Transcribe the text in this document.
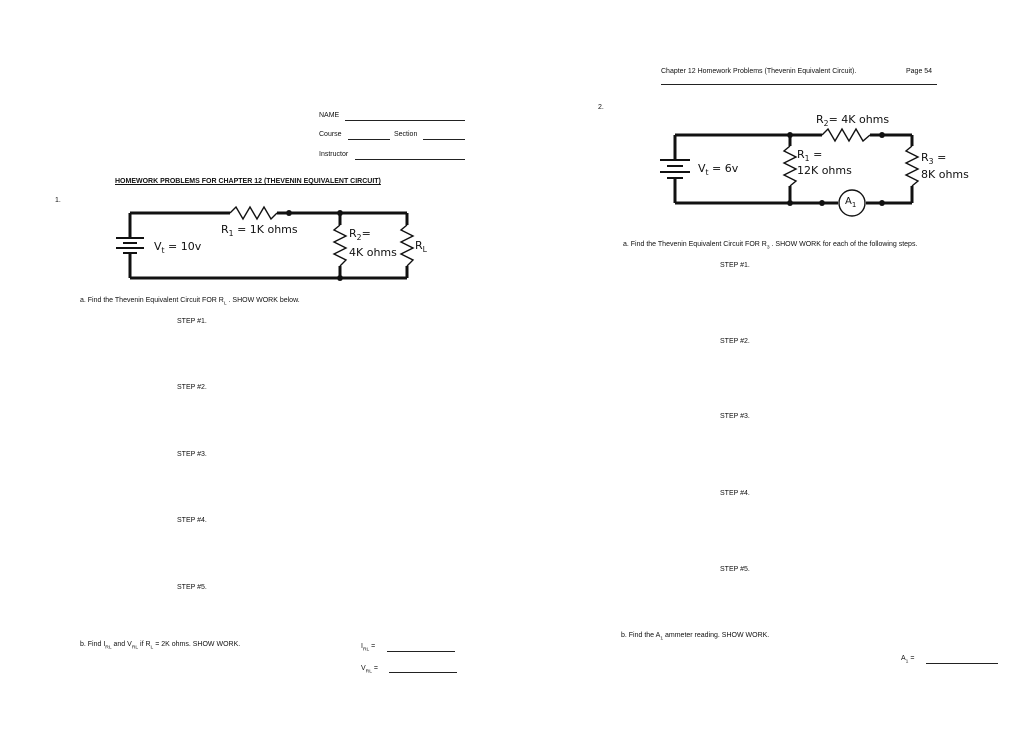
NAME
Course	Section
Instructor
HOMEWORK PROBLEMS FOR CHAPTER 12 (THEVENIN EQUIVALENT CIRCUIT)
1.
$V_t = 10v$
$R_1 = 1K$ ohms	$R_2=$
4K ohms
$R_L$
a. Find the Thevenin Equivalent Circuit FOR $R_L$ . SHOW WORK below.
STEP #1.
STEP #2.
STEP #3.
STEP #4.
STEP #5.
b. Find $I_{RL}$ and $V_{RL}$ if $R_L = 2K$ ohms. SHOW WORK.	$I_{RL}$ =
$V_{RL}$ =
Chapter 12 Homework Problems (Thevenin Equivalent Circuit).	Page 54
2.
$V_t = 6v$
$R_1$ =
12K ohms
$R_2= 4K$ ohms
$R_3$ =
8K ohms
$A_1$
a. Find the Thevenin Equivalent Circuit FOR $R_3$ . SHOW WORK for each of the following steps.
STEP #1.
STEP #2.
STEP #3.
STEP #4.
STEP #5.
b. Find the $A_1$ ammeter reading. SHOW WORK.
$A_1$ =
